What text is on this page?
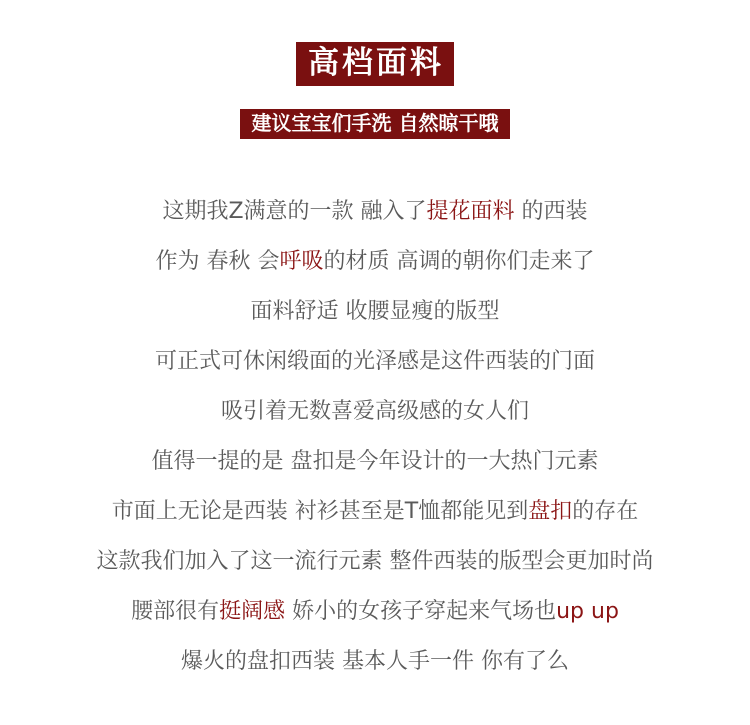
高档面料
建议宝宝们手洗 自然晾干哦
这期我Z满意的一款 融入了提花面料 的西装
作为 春秋 会呼吸的材质 高调的朝你们走来了
面料舒适 收腰显瘦的版型
可正式可休闲缎面的光泽感是这件西装的门面
吸引着无数喜爱高级感的女人们
值得一提的是 盘扣是今年设计的一大热门元素
市面上无论是西装 衬衫甚至是T恤都能见到盘扣的存在
这款我们加入了这一流行元素 整件西装的版型会更加时尚
腰部很有挺阔感 娇小的女孩子穿起来气场也up up
爆火的盘扣西装 基本人手一件 你有了么
